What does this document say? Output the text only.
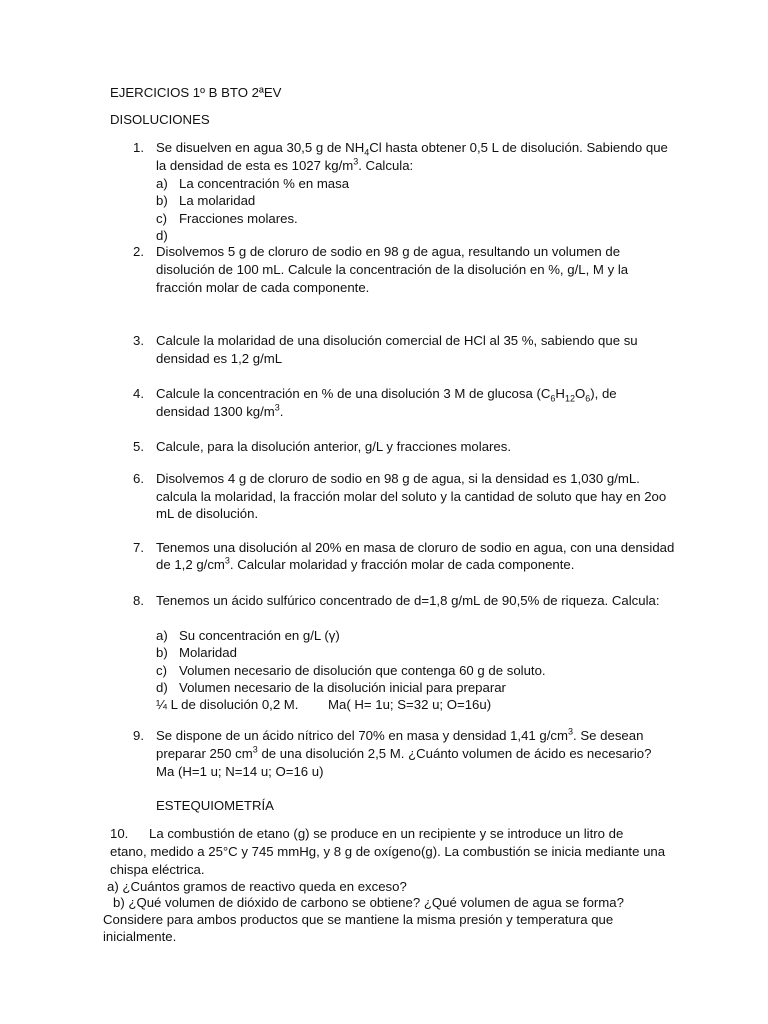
EJERCICIOS 1º B BTO 2ªEV
DISOLUCIONES
1. Se disuelven en agua 30,5 g de $NH_4Cl$ hasta obtener 0,5 L de disolución. Sabiendo que
la densidad de esta es 1027 $kg/m^3$. Calcula:
a) La concentración % en masa
b) La molaridad
c) Fracciones molares.
d)
2. Disolvemos 5 g de cloruro de sodio en 98 g de agua, resultando un volumen de
disolución de 100 mL. Calcule la concentración de la disolución en %, g/L, M y la
fracción molar de cada componente.
3. Calcule la molaridad de una disolución comercial de HCl al 35 %, sabiendo que su
densidad es 1,2 g/mL
4. Calcule la concentración en % de una disolución 3 M de glucosa $(C_6H_{12}O_6)$, de
densidad 1300 $kg/m^3$.
5. Calcule, para la disolución anterior, g/L y fracciones molares.
6. Disolvemos 4 g de cloruro de sodio en 98 g de agua, si la densidad es 1,030 g/mL.
calcula la molaridad, la fracción molar del soluto y la cantidad de soluto que hay en 2oo
mL de disolución.
7. Tenemos una disolución al 20% en masa de cloruro de sodio en agua, con una densidad
de 1,2 $g/cm^3$. Calcular molaridad y fracción molar de cada componente.
8. Tenemos un ácido sulfúrico concentrado de d=1,8 g/mL de 90,5% de riqueza. Calcula:
a) Su concentración en g/L (γ)
b) Molaridad
c) Volumen necesario de disolución que contenga 60 g de soluto.
d) Volumen necesario de la disolución inicial para preparar
¼ L de disolución 0,2 M. Ma( H= 1u; S=32 u; O=16u)
9. Se dispone de un ácido nítrico del 70% en masa y densidad 1,41 $g/cm^3$. Se desean
preparar 250 $cm^3$ de una disolución 2,5 M. ¿Cuánto volumen de ácido es necesario?
Ma (H=1 u; N=14 u; O=16 u)
ESTEQUIOMETRÍA
10. La combustión de etano (g) se produce en un recipiente y se introduce un litro de
etano, medido a 25°C y 745 mmHg, y 8 g de oxígeno(g). La combustión se inicia mediante una
chispa eléctrica.
a) ¿Cuántos gramos de reactivo queda en exceso?
b) ¿Qué volumen de dióxido de carbono se obtiene? ¿Qué volumen de agua se forma?
Considere para ambos productos que se mantiene la misma presión y temperatura que
inicialmente.
